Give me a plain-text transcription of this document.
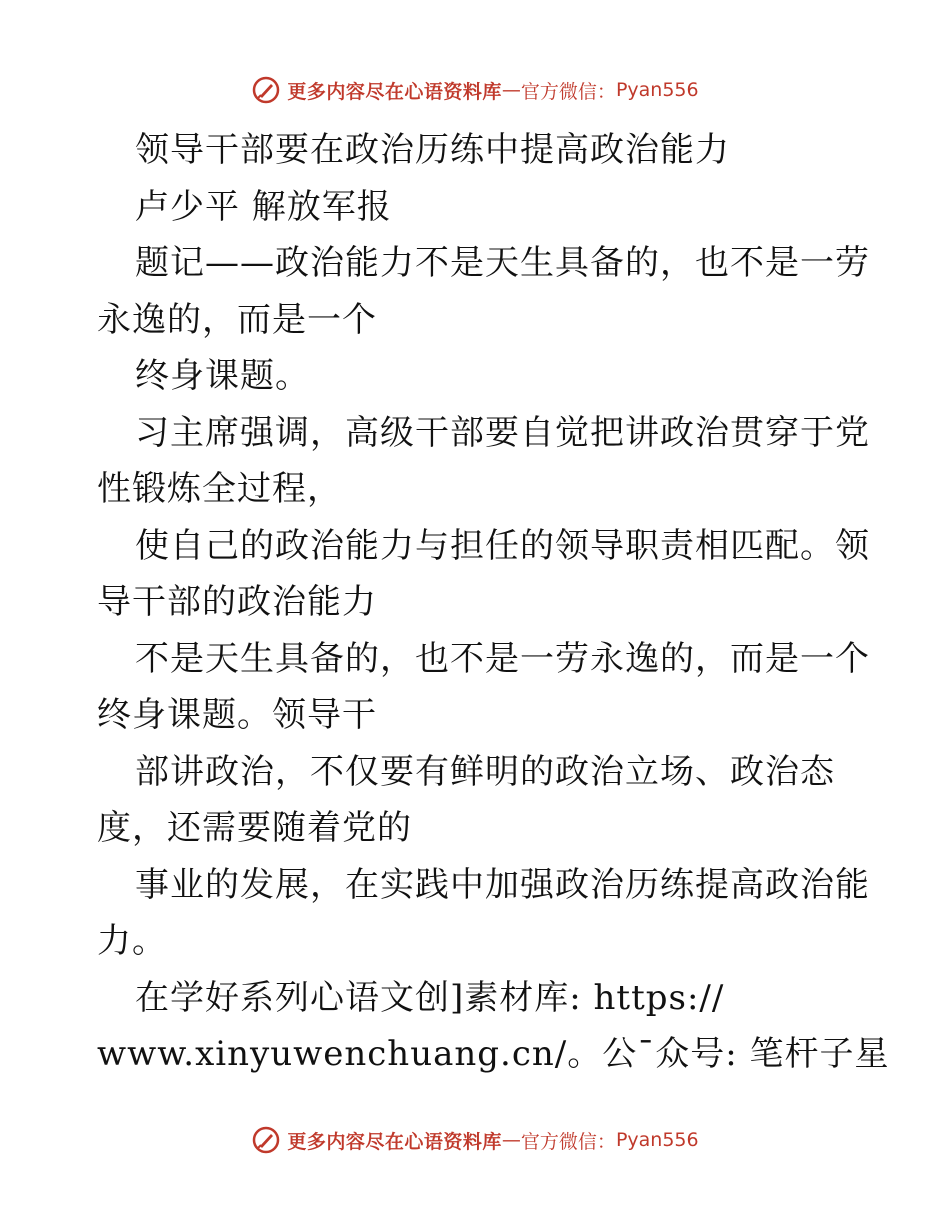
更多内容尽在心语资料库 — 官方微信： Pyan556
领导干部要在政治历练中提高政治能力
卢少平 解放军报
题记——政治能力不是天生具备的，也不是一劳
永逸的，而是一个
终身课题。
习主席强调，高级干部要自觉把讲政治贯穿于党
性锻炼全过程，
使自己的政治能力与担任的领导职责相匹配。领
导干部的政治能力
不是天生具备的，也不是一劳永逸的，而是一个
终身课题。领导干
部讲政治，不仅要有鲜明的政治立场、政治态
度，还需要随着党的
事业的发展，在实践中加强政治历练提高政治能
力。
在学好系列心语文创]素材库: https://
www.xinyuwenchuang.cn/。公¯众号: 笔杆子星
更多内容尽在心语资料库 — 官方微信： Pyan556
